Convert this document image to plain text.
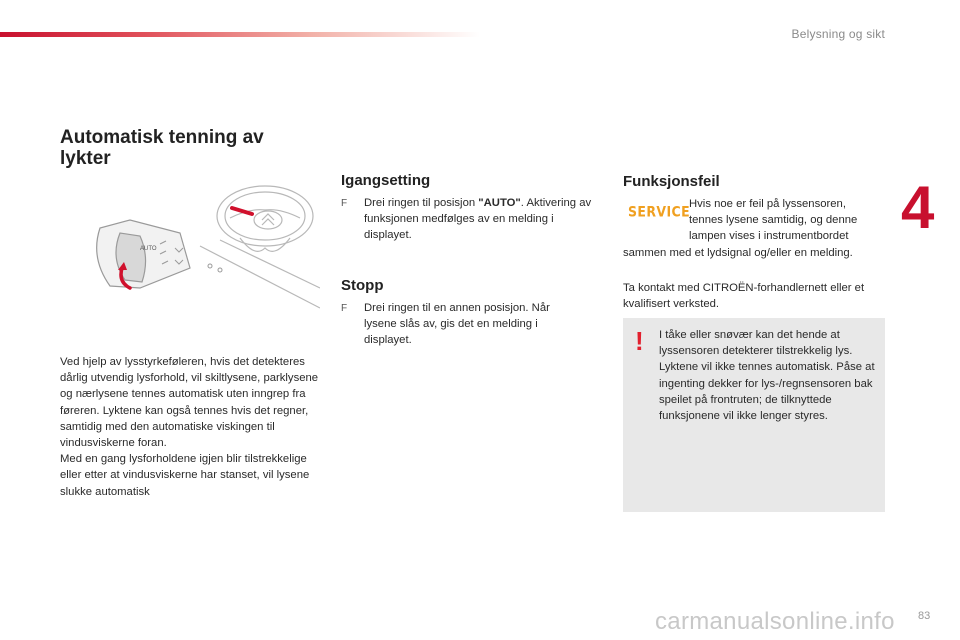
Belysning og sikt
4
Automatisk tenning av
lykter
AUTO

Ved hjelp av lysstyrkeføleren, hvis det detekteres dårlig utvendig lysforhold, vil skiltlysene, parklysene og nærlysene tennes automatisk uten inngrep fra føreren. Lyktene kan også tennes hvis det regner, samtidig med den automatiske viskingen til vindusviskerne foran.

Med en gang lysforholdene igjen blir tilstrekkelige eller etter at vindusviskerne har stanset, vil lysene slukke automatisk

Igangsetting
F Drei ringen til posisjon "AUTO". Aktivering av funksjonen medfølges av en melding i displayet.
Stopp
F Drei ringen til en annen posisjon. Når lysene slås av, gis det en melding i displayet.
Funksjonsfeil
SERVICE
Hvis noe er feil på lyssensoren,
tennes lysene samtidig, og denne
lampen vises i instrumentbordet
sammen med et lydsignal og/eller en melding.
Ta kontakt med CITROËN-forhandlernett eller et kvalifisert verksted.
! I tåke eller snøvær kan det hende at lyssensoren detekterer tilstrekkelig lys. Lyktene vil ikke tennes automatisk. Påse at ingenting dekker for lys-/regnsensoren bak speilet på frontruten; de tilknyttede funksjonene vil ikke lenger styres.
carmanualsonline.info 83
